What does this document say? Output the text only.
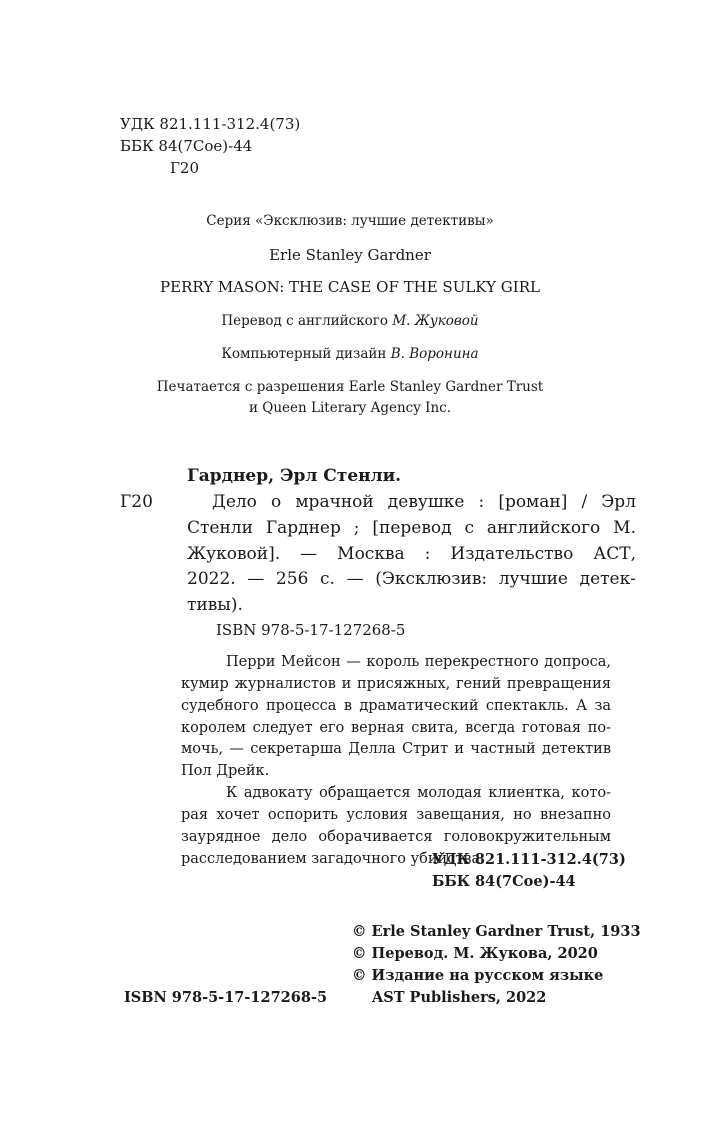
УДК 821.111-312.4(73)
ББК 84(7Сое)-44
Г20
Серия «Эксклюзив: лучшие детективы»
Erle Stanley Gardner
PERRY MASON: THE CASE OF THE SULKY GIRL
Перевод с английского М. Жуковой
Компьютерный дизайн В. Воронина
Печатается с разрешения Earle Stanley Gardner Trust
и Queen Literary Agency Inc.
Гарднер, Эрл Стенли.
Г20	Дело о мрачной девушке : [роман] / Эрл
Стенли Гарднер ; [перевод с английского М.
Жуковой]. — Москва : Издательство АСТ,
2022. — 256 с. — (Эксклюзив: лучшие детек-
тивы).
ISBN 978-5-17-127268-5
Перри Мейсон — король перекрестного допроса,
кумир журналистов и присяжных, гений превращения
судебного процесса в драматический спектакль. А за
королем следует его верная свита, всегда готовая по-
мочь, — секретарша Делла Стрит и частный детектив
Пол Дрейк.
К адвокату обращается молодая клиентка, кото-
рая хочет оспорить условия завещания, но внезапно
заурядное дело оборачивается головокружительным
расследованием загадочного убийства.
УДК 821.111-312.4(73)
ББК 84(7Сое)-44
© Erle Stanley Gardner Trust, 1933
© Перевод. М. Жукова, 2020
© Издание на русском языке
AST Publishers, 2022
ISBN 978-5-17-127268-5
